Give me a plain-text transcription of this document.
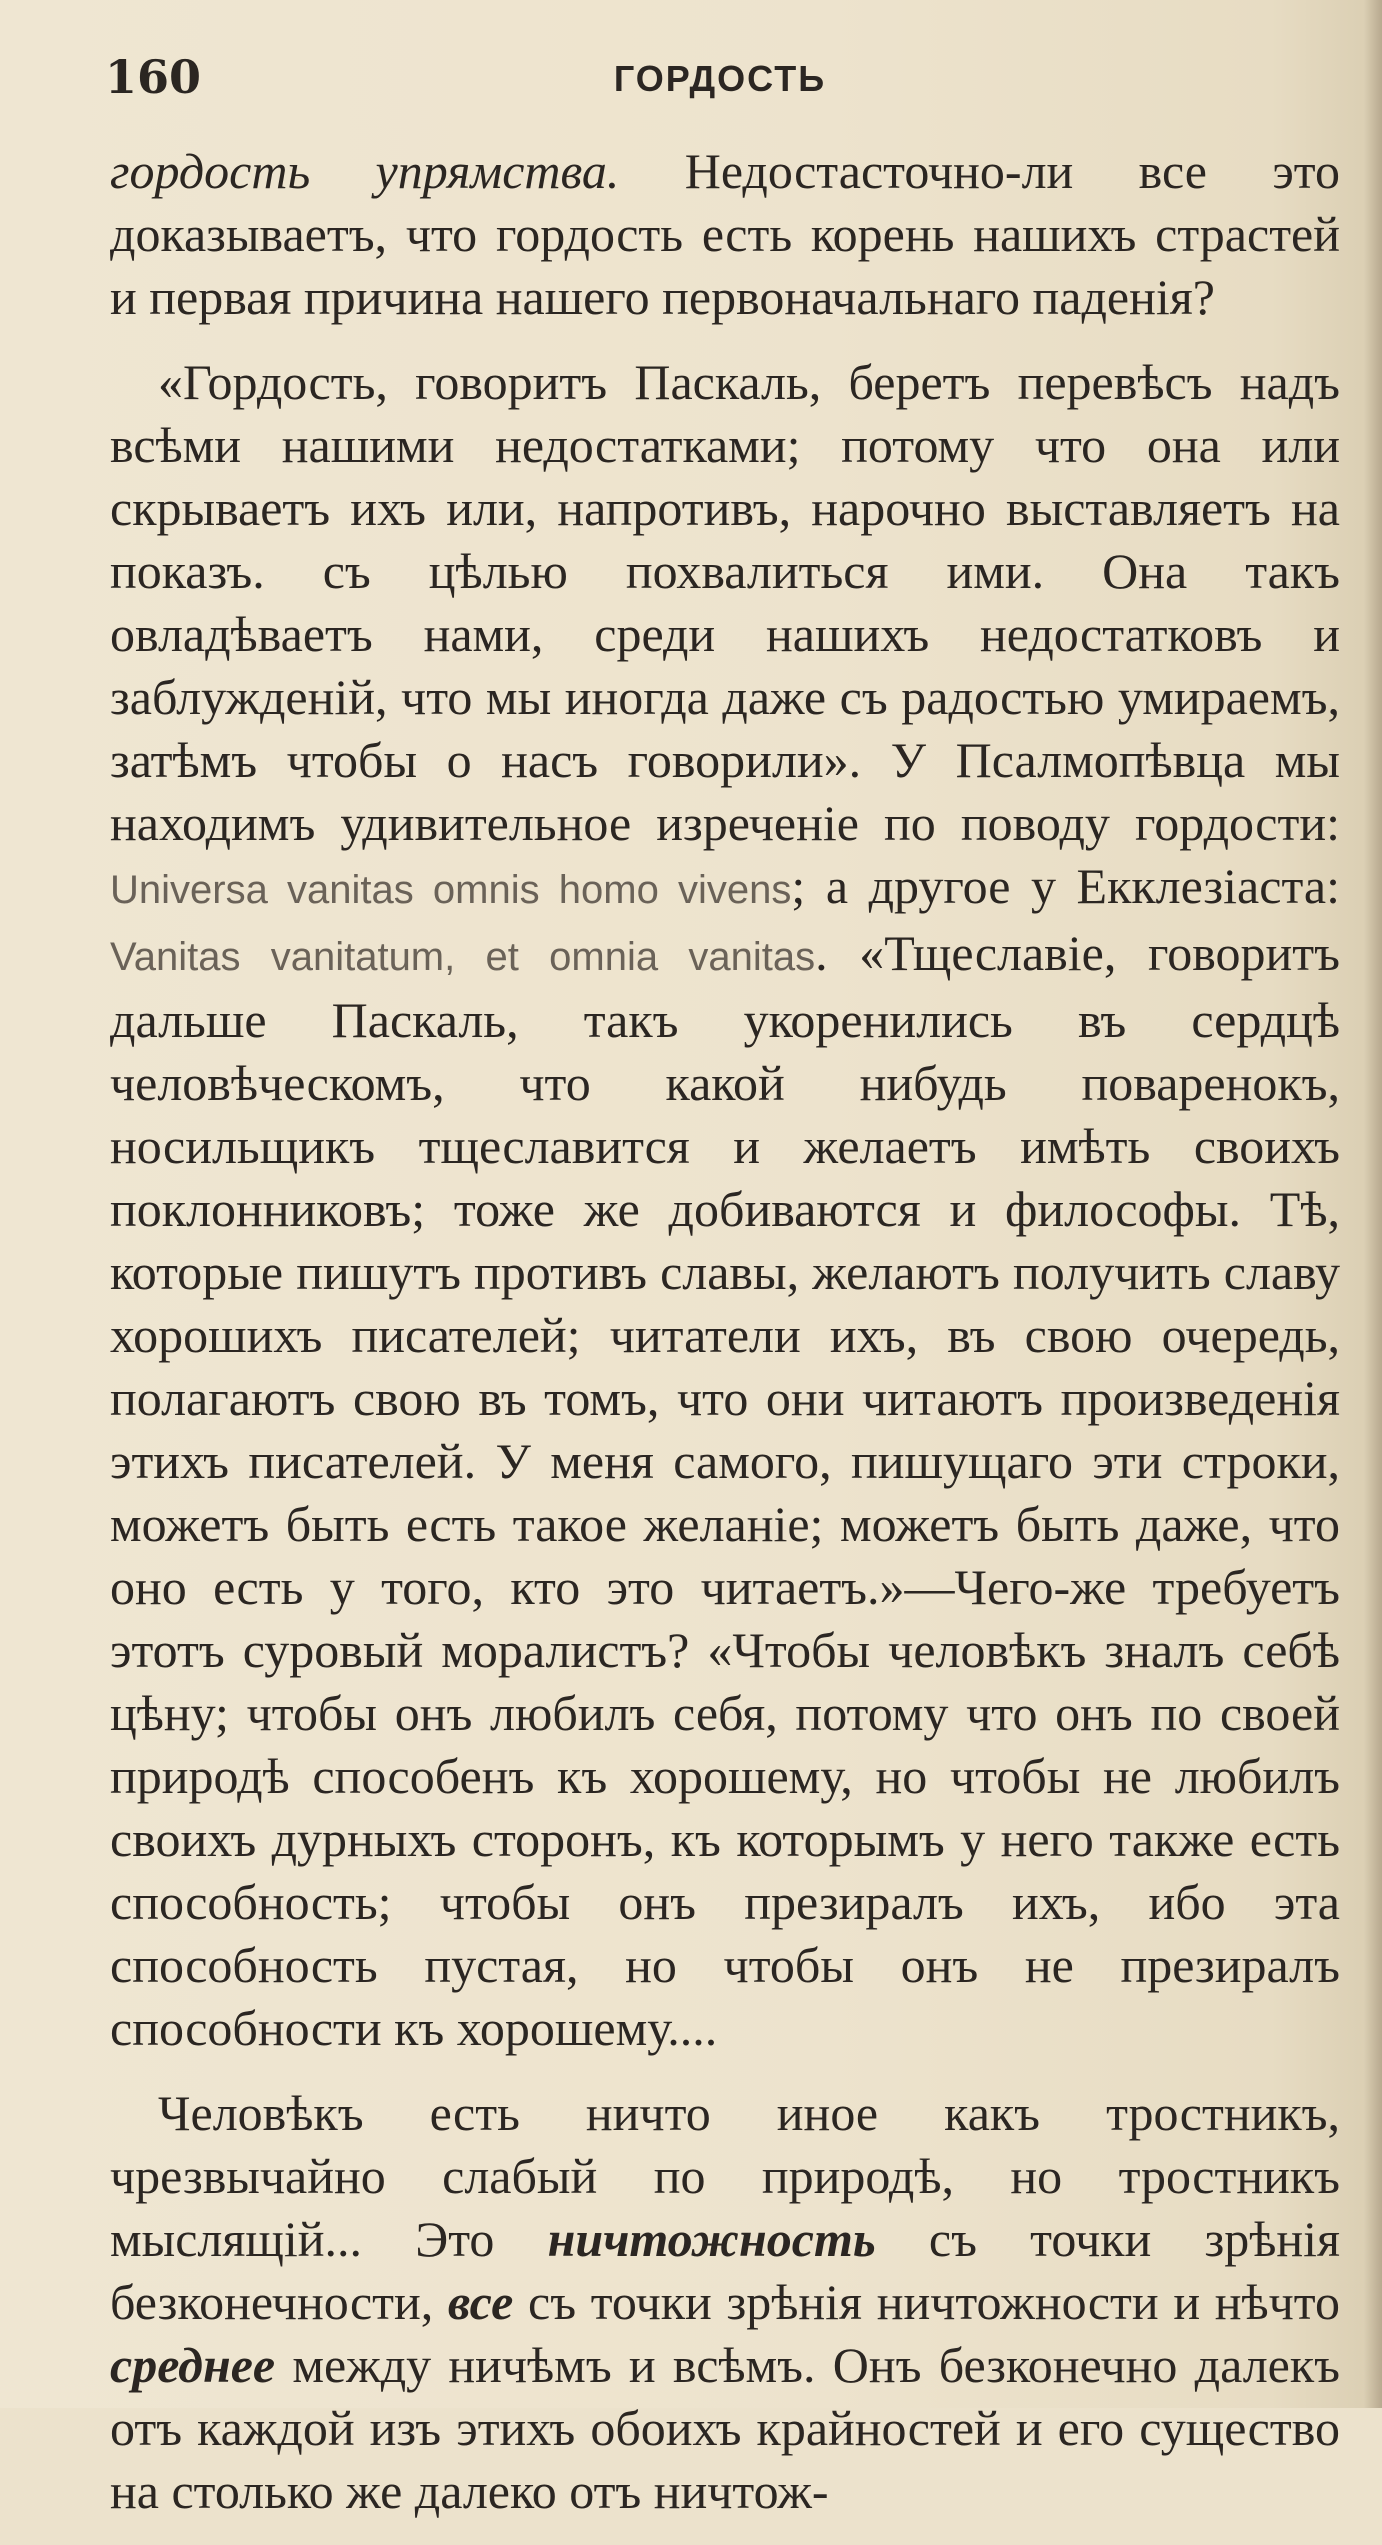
160	ГОРДОСТЬ

гордость упрямства. Недостасточно-ли все это доказываетъ, что гордость есть корень нашихъ страстей и первая причина нашего первоначальнаго паденія?

«Гордость, говоритъ Паскаль, беретъ перевѣсъ надъ всѣми нашими недостатками; потому что она или скрываетъ ихъ или, напротивъ, нарочно выставляетъ на показъ. съ цѣлью похвалиться ими. Она такъ овладѣваетъ нами, среди нашихъ недостатковъ и заблужденій, что мы иногда даже съ радостью умираемъ, затѣмъ чтобы о насъ говорили». У Псалмопѣвца мы находимъ удивительное изреченіе по поводу гордости: Universa vanitas omnis homo vivens; а другое у Екклезіаста: Vanitas vanitatum, et omnia vanitas. «Тщеславіе, говоритъ дальше Паскаль, такъ укоренились въ сердцѣ человѣческомъ, что какой нибудь поваренокъ, носильщикъ тщеславится и желаетъ имѣть своихъ поклонниковъ; тоже же добиваются и философы. Тѣ, которые пишутъ противъ славы, желаютъ получить славу хорошихъ писателей; читатели ихъ, въ свою очередь, полагаютъ свою въ томъ, что они читаютъ произведенія этихъ писателей. У меня самого, пишущаго эти строки, можетъ быть есть такое желаніе; можетъ быть даже, что оно есть у того, кто это читаетъ.»—Чего-же требуетъ этотъ суровый моралистъ? «Чтобы человѣкъ зналъ себѣ цѣну; чтобы онъ любилъ себя, потому что онъ по своей природѣ способенъ къ хорошему, но чтобы не любилъ своихъ дурныхъ сторонъ, къ которымъ у него также есть способность; чтобы онъ презиралъ ихъ, ибо эта способность пустая, но чтобы онъ не презиралъ способности къ хорошему....

Человѣкъ есть ничто иное какъ тростникъ, чрезвычайно слабый по природѣ, но тростникъ мыслящій... Это ничтожность съ точки зрѣнія безконечности, все съ точки зрѣнія ничтожности и нѣчто среднее между ничѣмъ и всѣмъ. Онъ безконечно далекъ отъ каждой изъ этихъ обоихъ крайностей и его существо на столько же далеко отъ ничтож-
